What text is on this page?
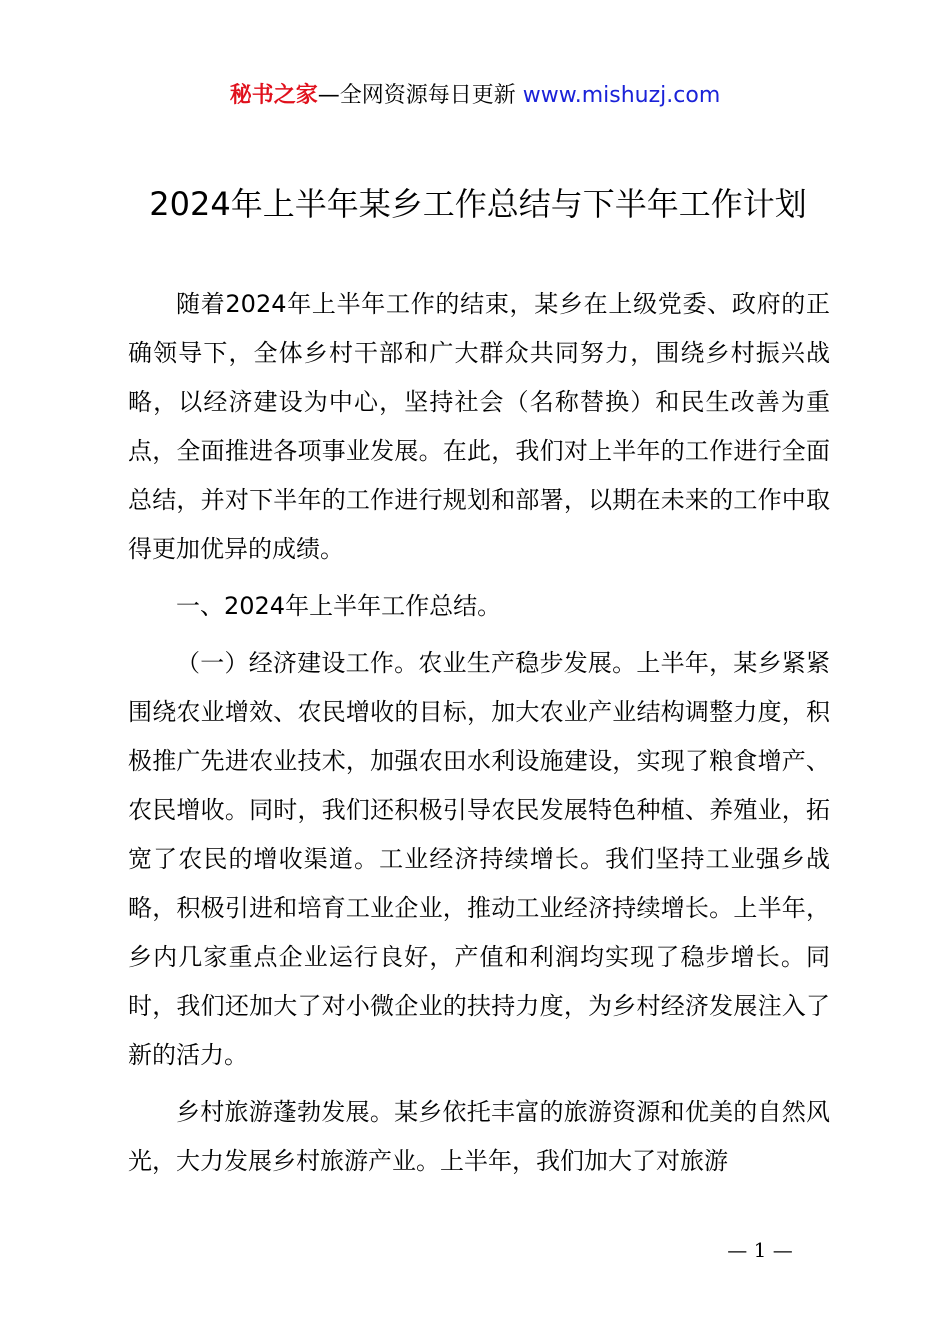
秘书之家—全网资源每日更新 www.mishuzj.com
2024年上半年某乡工作总结与下半年工作计划

随着2024年上半年工作的结束，某乡在上级党委、政府的正确领导下，全体乡村干部和广大群众共同努力，围绕乡村振兴战略，以经济建设为中心，坚持社会（名称替换）和民生改善为重点，全面推进各项事业发展。在此，我们对上半年的工作进行全面总结，并对下半年的工作进行规划和部署，以期在未来的工作中取得更加优异的成绩。

一、2024年上半年工作总结。

（一）经济建设工作。农业生产稳步发展。上半年，某乡紧紧围绕农业增效、农民增收的目标，加大农业产业结构调整力度，积极推广先进农业技术，加强农田水利设施建设，实现了粮食增产、农民增收。同时，我们还积极引导农民发展特色种植、养殖业，拓宽了农民的增收渠道。工业经济持续增长。我们坚持工业强乡战略，积极引进和培育工业企业，推动工业经济持续增长。上半年，乡内几家重点企业运行良好，产值和利润均实现了稳步增长。同时，我们还加大了对小微企业的扶持力度，为乡村经济发展注入了新的活力。

乡村旅游蓬勃发展。某乡依托丰富的旅游资源和优美的自然风光，大力发展乡村旅游产业。上半年，我们加大了对旅游

— 1 —
